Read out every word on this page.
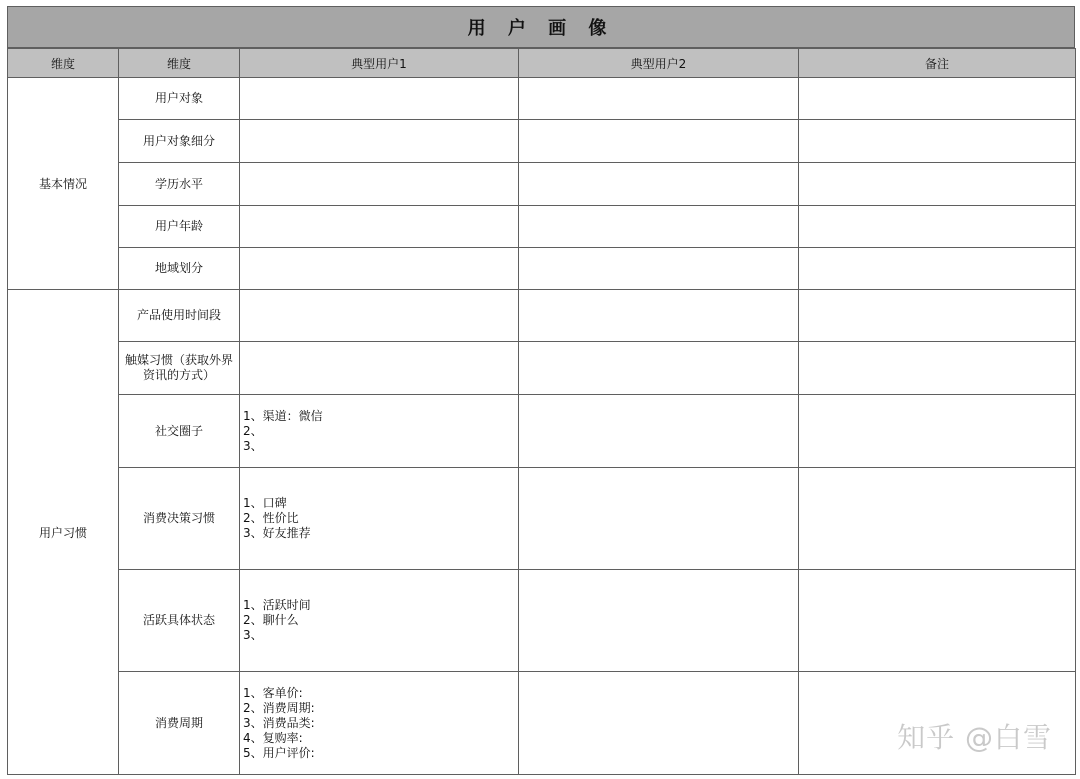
用 户 画 像
维度	维度	典型用户1	典型用户2	备注
基本情况	用户对象			
	用户对象细分			
	学历水平			
	用户年龄			
	地域划分			
用户习惯	产品使用时间段			
	触媒习惯（获取外界资讯的方式）			
	社交圈子	1、渠道：微信
2、
3、		

	消费决策习惯	1、口碑
2、性价比
3、好友推荐		

	活跃具体状态	1、活跃时间
2、聊什么
3、		

	消费周期	1、客单价:
2、消费周期:
3、消费品类:
4、复购率:
5、用户评价:		
			知乎 @白雪
